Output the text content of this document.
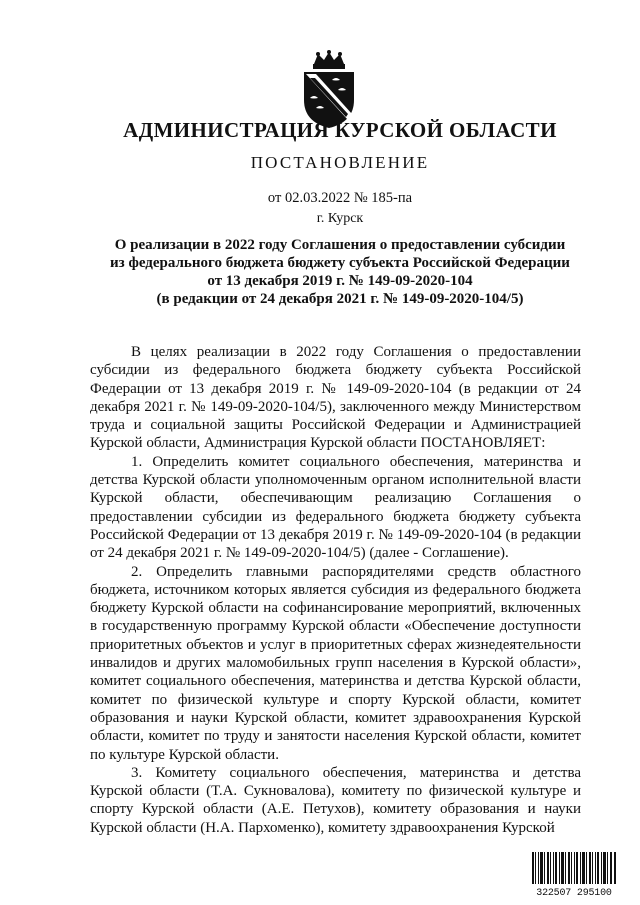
АДМИНИСТРАЦИЯ КУРСКОЙ ОБЛАСТИ
ПОСТАНОВЛЕНИЕ
от 02.03.2022 № 185-па
г. Курск
О реализации в 2022 году Соглашения о предоставлении субсидии
из федерального бюджета бюджету субъекта Российской Федерации
от 13 декабря 2019 г. № 149-09-2020-104
(в редакции от 24 декабря 2021 г. № 149-09-2020-104/5)

В целях реализации в 2022 году Соглашения о предоставлении субсидии из федерального бюджета бюджету субъекта Российской Федерации от 13 декабря 2019 г. № 149-09-2020-104 (в редакции от 24 декабря 2021 г. № 149-09-2020-104/5), заключенного между Министерством труда и социальной защиты Российской Федерации и Администрацией Курской области, Администрация Курской области ПОСТАНОВЛЯЕТ:

1. Определить комитет социального обеспечения, материнства и детства Курской области уполномоченным органом исполнительной власти Курской области, обеспечивающим реализацию Соглашения о предоставлении субсидии из федерального бюджета бюджету субъекта Российской Федерации от 13 декабря 2019 г. № 149-09-2020-104 (в редакции от 24 декабря 2021 г. № 149-09-2020-104/5) (далее - Соглашение).

2. Определить главными распорядителями средств областного бюджета, источником которых является субсидия из федерального бюджета бюджету Курской области на софинансирование мероприятий, включенных в государственную программу Курской области «Обеспечение доступности приоритетных объектов и услуг в приоритетных сферах жизнедеятельности инвалидов и других маломобильных групп населения в Курской области», комитет социального обеспечения, материнства и детства Курской области, комитет по физической культуре и спорту Курской области, комитет образования и науки Курской области, комитет здравоохранения Курской области, комитет по труду и занятости населения Курской области, комитет по культуре Курской области.

3. Комитету социального обеспечения, материнства и детства Курской области (Т.А. Сукновалова), комитету по физической культуре и спорту Курской области (А.Е. Петухов), комитету образования и науки Курской области (Н.А. Пархоменко), комитету здравоохранения Курской

322507 295100
